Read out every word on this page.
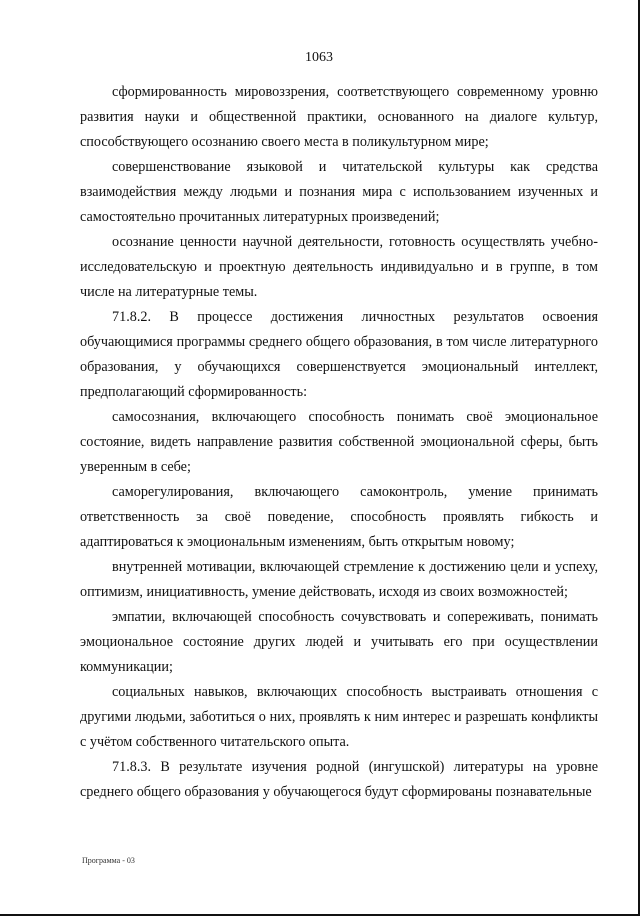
1063

сформированность мировоззрения, соответствующего современному уровню развития науки и общественной практики, основанного на диалоге культур, способствующего осознанию своего места в поликультурном мире;

совершенствование языковой и читательской культуры как средства взаимодействия между людьми и познания мира с использованием изученных и самостоятельно прочитанных литературных произведений;

осознание ценности научной деятельности, готовность осуществлять учебно-исследовательскую и проектную деятельность индивидуально и в группе, в том числе на литературные темы.

71.8.2. В процессе достижения личностных результатов освоения обучающимися программы среднего общего образования, в том числе литературного образования, у обучающихся совершенствуется эмоциональный интеллект, предполагающий сформированность:

самосознания, включающего способность понимать своё эмоциональное состояние, видеть направление развития собственной эмоциональной сферы, быть уверенным в себе;

саморегулирования, включающего самоконтроль, умение принимать ответственность за своё поведение, способность проявлять гибкость и адаптироваться к эмоциональным изменениям, быть открытым новому;

внутренней мотивации, включающей стремление к достижению цели и успеху, оптимизм, инициативность, умение действовать, исходя из своих возможностей;

эмпатии, включающей способность сочувствовать и сопереживать, понимать эмоциональное состояние других людей и учитывать его при осуществлении коммуникации;

социальных навыков, включающих способность выстраивать отношения с другими людьми, заботиться о них, проявлять к ним интерес и разрешать конфликты с учётом собственного читательского опыта.

71.8.3. В результате изучения родной (ингушской) литературы на уровне среднего общего образования у обучающегося будут сформированы познавательные

Программа - 03
